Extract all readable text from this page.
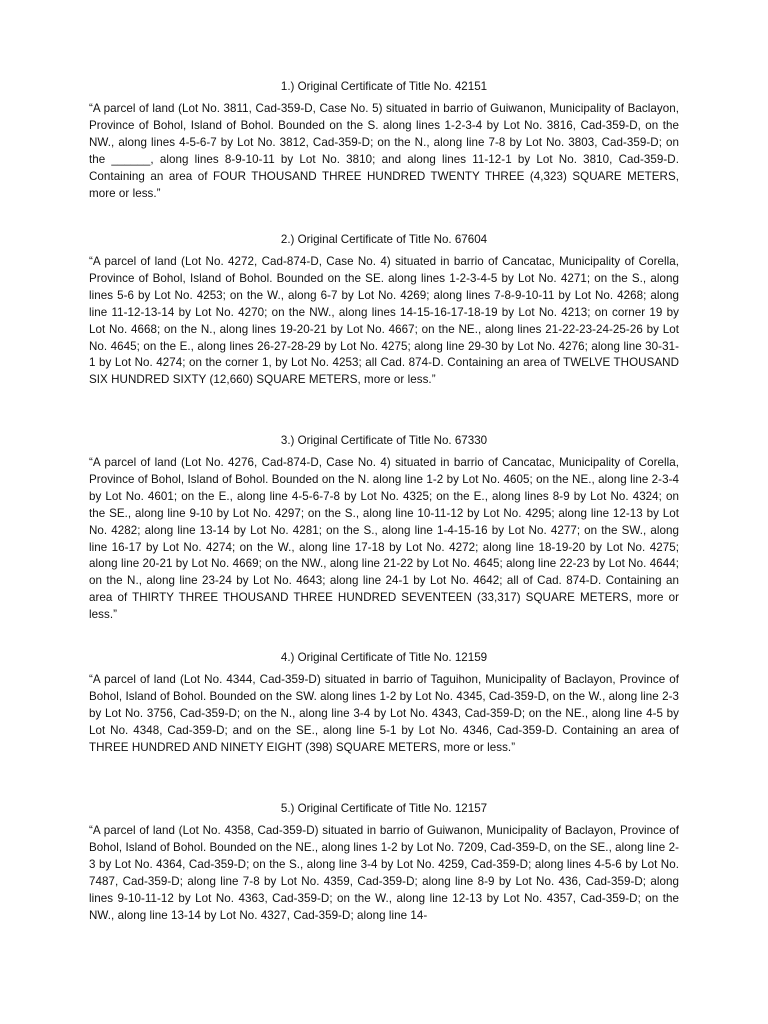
1.) Original Certificate of Title No. 42151

“A parcel of land (Lot No. 3811, Cad-359-D, Case No. 5) situated in barrio of Guiwanon, Municipality of Baclayon, Province of Bohol, Island of Bohol. Bounded on the S. along lines 1-2-3-4 by Lot No. 3816, Cad-359-D, on the NW., along lines 4-5-6-7 by Lot No. 3812, Cad-359-D; on the N., along line 7-8 by Lot No. 3803, Cad-359-D; on the ______, along lines 8-9-10-11 by Lot No. 3810; and along lines 11-12-1 by Lot No. 3810, Cad-359-D. Containing an area of FOUR THOUSAND THREE HUNDRED TWENTY THREE (4,323) SQUARE METERS, more or less.”

2.) Original Certificate of Title No. 67604

“A parcel of land (Lot No. 4272, Cad-874-D, Case No. 4) situated in barrio of Cancatac, Municipality of Corella, Province of Bohol, Island of Bohol. Bounded on the SE. along lines 1-2-3-4-5 by Lot No. 4271; on the S., along lines 5-6 by Lot No. 4253; on the W., along 6-7 by Lot No. 4269; along lines 7-8-9-10-11 by Lot No. 4268; along line 11-12-13-14 by Lot No. 4270; on the NW., along lines 14-15-16-17-18-19 by Lot No. 4213; on corner 19 by Lot No. 4668; on the N., along lines 19-20-21 by Lot No. 4667; on the NE., along lines 21-22-23-24-25-26 by Lot No. 4645; on the E., along lines 26-27-28-29 by Lot No. 4275; along line 29-30 by Lot No. 4276; along line 30-31-1 by Lot No. 4274; on the corner 1, by Lot No. 4253; all Cad. 874-D. Containing an area of TWELVE THOUSAND SIX HUNDRED SIXTY (12,660) SQUARE METERS, more or less.”

3.) Original Certificate of Title No. 67330

“A parcel of land (Lot No. 4276, Cad-874-D, Case No. 4) situated in barrio of Cancatac, Municipality of Corella, Province of Bohol, Island of Bohol. Bounded on the N. along line 1-2 by Lot No. 4605; on the NE., along line 2-3-4 by Lot No. 4601; on the E., along line 4-5-6-7-8 by Lot No. 4325; on the E., along lines 8-9 by Lot No. 4324; on the SE., along line 9-10 by Lot No. 4297; on the S., along line 10-11-12 by Lot No. 4295; along line 12-13 by Lot No. 4282; along line 13-14 by Lot No. 4281; on the S., along line 1-4-15-16 by Lot No. 4277; on the SW., along line 16-17 by Lot No. 4274; on the W., along line 17-18 by Lot No. 4272; along line 18-19-20 by Lot No. 4275; along line 20-21 by Lot No. 4669; on the NW., along line 21-22 by Lot No. 4645; along line 22-23 by Lot No. 4644; on the N., along line 23-24 by Lot No. 4643; along line 24-1 by Lot No. 4642; all of Cad. 874-D. Containing an area of THIRTY THREE THOUSAND THREE HUNDRED SEVENTEEN (33,317) SQUARE METERS, more or less.”

4.) Original Certificate of Title No. 12159

“A parcel of land (Lot No. 4344, Cad-359-D) situated in barrio of Taguihon, Municipality of Baclayon, Province of Bohol, Island of Bohol. Bounded on the SW. along lines 1-2 by Lot No. 4345, Cad-359-D, on the W., along line 2-3 by Lot No. 3756, Cad-359-D; on the N., along line 3-4 by Lot No. 4343, Cad-359-D; on the NE., along line 4-5 by Lot No. 4348, Cad-359-D; and on the SE., along line 5-1 by Lot No. 4346, Cad-359-D. Containing an area of THREE HUNDRED AND NINETY EIGHT (398) SQUARE METERS, more or less.”

5.) Original Certificate of Title No. 12157

“A parcel of land (Lot No. 4358, Cad-359-D) situated in barrio of Guiwanon, Municipality of Baclayon, Province of Bohol, Island of Bohol. Bounded on the NE., along lines 1-2 by Lot No. 7209, Cad-359-D, on the SE., along line 2-3 by Lot No. 4364, Cad-359-D; on the S., along line 3-4 by Lot No. 4259, Cad-359-D; along lines 4-5-6 by Lot No. 7487, Cad-359-D; along line 7-8 by Lot No. 4359, Cad-359-D; along line 8-9 by Lot No. 436, Cad-359-D; along lines 9-10-11-12 by Lot No. 4363, Cad-359-D; on the W., along line 12-13 by Lot No. 4357, Cad-359-D; on the NW., along line 13-14 by Lot No. 4327, Cad-359-D; along line 14-
